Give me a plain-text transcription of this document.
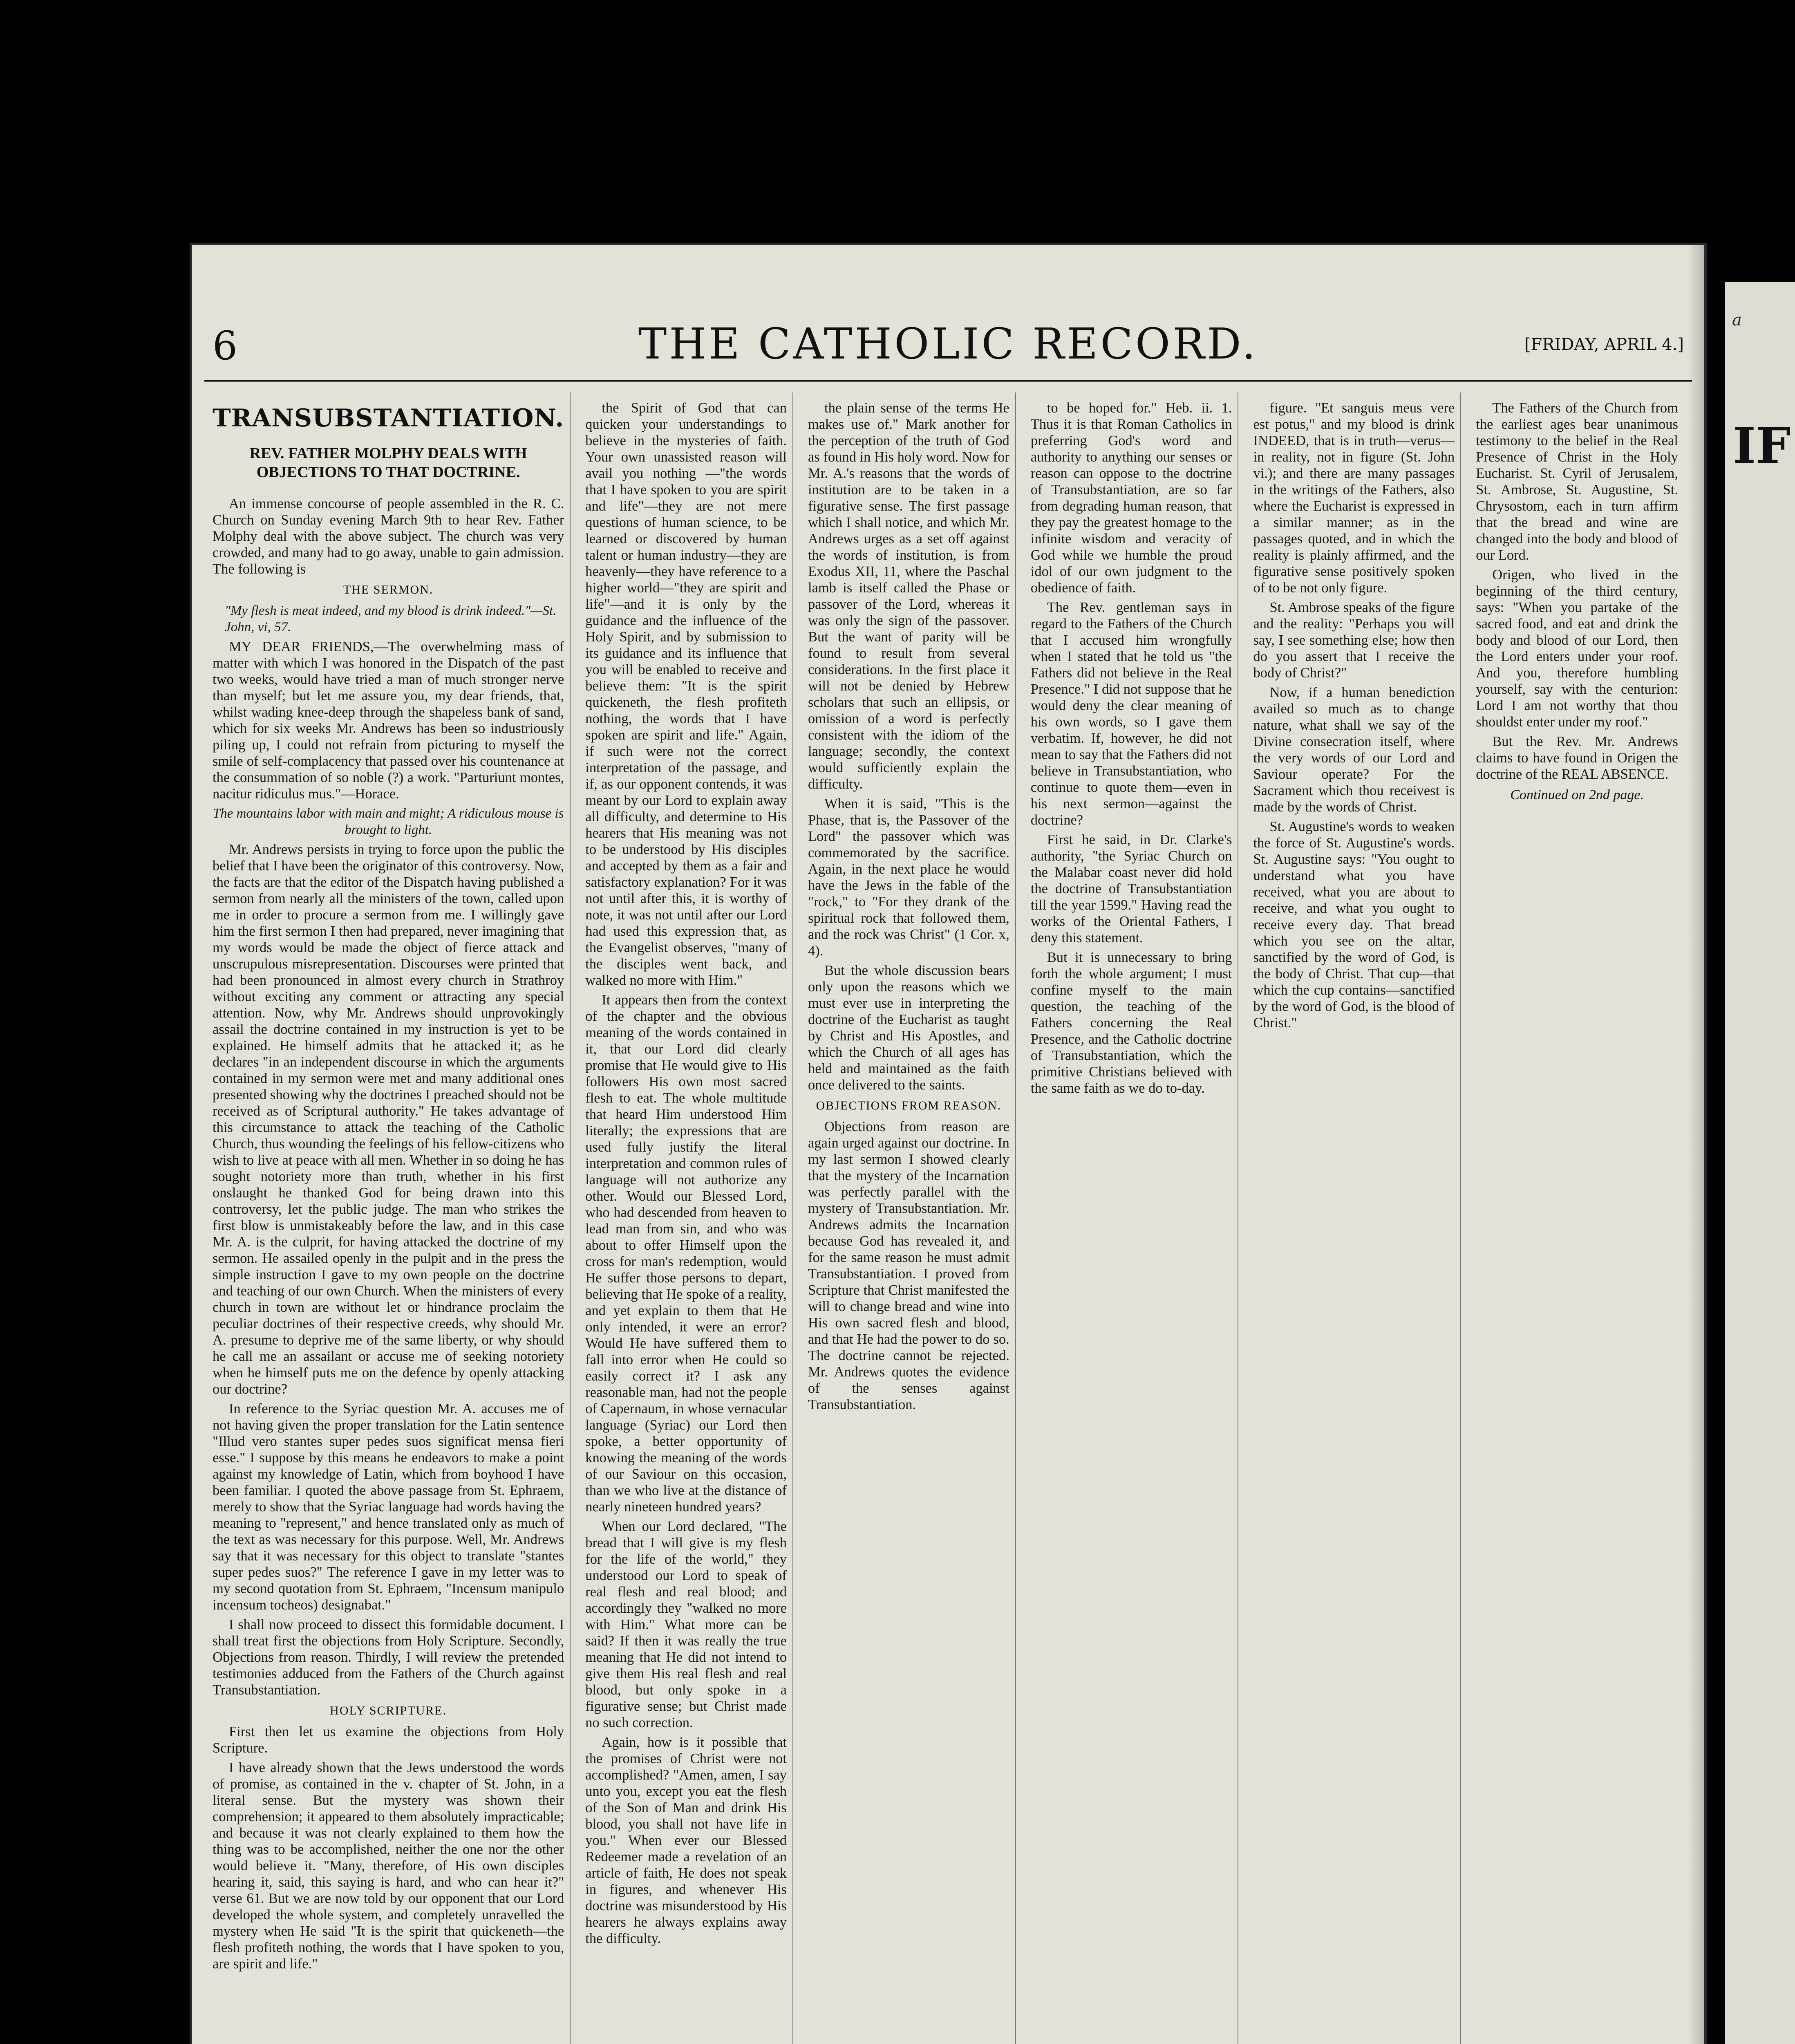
6	THE CATHOLIC RECORD.	[FRIDAY, APRIL 4.]
TRANSUBSTANTIATION.
REV. FATHER MOLPHY DEALS WITH OBJECTIONS TO THAT DOCTRINE.

An immense concourse of people assembled in the R. C. Church on Sunday evening March 9th to hear Rev. Father Molphy deal with the above subject. The church was very crowded, and many had to go away, unable to gain admission. The following is

THE SERMON.

"My flesh is meat indeed, and my blood is drink indeed."—St. John, vi, 57.

MY DEAR FRIENDS,—The overwhelming mass of matter with which I was honored in the Dispatch of the past two weeks, would have tried a man of much stronger nerve than myself; but let me assure you, my dear friends, that, whilst wading knee-deep through the shapeless bank of sand, which for six weeks Mr. Andrews has been so industriously piling up, I could not refrain from picturing to myself the smile of self-complacency that passed over his countenance at the consummation of so noble (?) a work. "Parturiunt montes, nacitur ridiculus mus."—Horace.

The mountains labor with main and might; A ridiculous mouse is brought to light.

Mr. Andrews persists in trying to force upon the public the belief that I have been the originator of this controversy. Now, the facts are that the editor of the Dispatch having published a sermon from nearly all the ministers of the town, called upon me in order to procure a sermon from me. I willingly gave him the first sermon I then had prepared, never imagining that my words would be made the object of fierce attack and unscrupulous misrepresentation. Discourses were printed that had been pronounced in almost every church in Strathroy without exciting any comment or attracting any special attention. Now, why Mr. Andrews should unprovokingly assail the doctrine contained in my instruction is yet to be explained. He himself admits that he attacked it; as he declares "in an independent discourse in which the arguments contained in my sermon were met and many additional ones presented showing why the doctrines I preached should not be received as of Scriptural authority." He takes advantage of this circumstance to attack the teaching of the Catholic Church, thus wounding the feelings of his fellow-citizens who wish to live at peace with all men. Whether in so doing he has sought notoriety more than truth, whether in his first onslaught he thanked God for being drawn into this controversy, let the public judge. The man who strikes the first blow is unmistakeably before the law, and in this case Mr. A. is the culprit, for having attacked the doctrine of my sermon. He assailed openly in the pulpit and in the press the simple instruction I gave to my own people on the doctrine and teaching of our own Church. When the ministers of every church in town are without let or hindrance proclaim the peculiar doctrines of their respective creeds, why should Mr. A. presume to deprive me of the same liberty, or why should he call me an assailant or accuse me of seeking notoriety when he himself puts me on the defence by openly attacking our doctrine?

In reference to the Syriac question Mr. A. accuses me of not having given the proper translation for the Latin sentence "Illud vero stantes super pedes suos significat mensa fieri esse." I suppose by this means he endeavors to make a point against my knowledge of Latin, which from boyhood I have been familiar. I quoted the above passage from St. Ephraem, merely to show that the Syriac language had words having the meaning to "represent," and hence translated only as much of the text as was necessary for this purpose. Well, Mr. Andrews say that it was necessary for this object to translate "stantes super pedes suos?" The reference I gave in my letter was to my second quotation from St. Ephraem, "Incensum manipulo incensum tocheos) designabat."

I shall now proceed to dissect this formidable document. I shall treat first the objections from Holy Scripture. Secondly, Objections from reason. Thirdly, I will review the pretended testimonies adduced from the Fathers of the Church against Transubstantiation.

HOLY SCRIPTURE.

First then let us examine the objections from Holy Scripture.

I have already shown that the Jews understood the words of promise, as contained in the v. chapter of St. John, in a literal sense. But the mystery was shown their comprehension; it appeared to them absolutely impracticable; and because it was not clearly explained to them how the thing was to be accomplished, neither the one nor the other would believe it. "Many, therefore, of His own disciples hearing it, said, this saying is hard, and who can hear it?" verse 61. But we are now told by our opponent that our Lord developed the whole system, and completely unravelled the mystery when He said "It is the spirit that quickeneth—the flesh profiteth nothing, the words that I have spoken to you, are spirit and life."

the Spirit of God that can quicken your understandings to believe in the mysteries of faith. Your own unassisted reason will avail you nothing —"the words that I have spoken to you are spirit and life"—they are not mere questions of human science, to be learned or discovered by human talent or human industry—they are heavenly—they have reference to a higher world—"they are spirit and life"—and it is only by the guidance and the influence of the Holy Spirit, and by submission to its guidance and its influence that you will be enabled to receive and believe them: "It is the spirit quickeneth, the flesh profiteth nothing, the words that I have spoken are spirit and life." Again, if such were not the correct interpretation of the passage, and if, as our opponent contends, it was meant by our Lord to explain away all difficulty, and determine to His hearers that His meaning was not to be understood by His disciples and accepted by them as a fair and satisfactory explanation? For it was not until after this, it is worthy of note, it was not until after our Lord had used this expression that, as the Evangelist observes, "many of the disciples went back, and walked no more with Him."

It appears then from the context of the chapter and the obvious meaning of the words contained in it, that our Lord did clearly promise that He would give to His followers His own most sacred flesh to eat. The whole multitude that heard Him understood Him literally; the expressions that are used fully justify the literal interpretation and common rules of language will not authorize any other. Would our Blessed Lord, who had descended from heaven to lead man from sin, and who was about to offer Himself upon the cross for man's redemption, would He suffer those persons to depart, believing that He spoke of a reality, and yet explain to them that He only intended, it were an error? Would He have suffered them to fall into error when He could so easily correct it? I ask any reasonable man, had not the people of Capernaum, in whose vernacular language (Syriac) our Lord then spoke, a better opportunity of knowing the meaning of the words of our Saviour on this occasion, than we who live at the distance of nearly nineteen hundred years?

When our Lord declared, "The bread that I will give is my flesh for the life of the world," they understood our Lord to speak of real flesh and real blood; and accordingly they "walked no more with Him." What more can be said? If then it was really the true meaning that He did not intend to give them His real flesh and real blood, but only spoke in a figurative sense; but Christ made no such correction.

Again, how is it possible that the promises of Christ were not accomplished? "Amen, amen, I say unto you, except you eat the flesh of the Son of Man and drink His blood, you shall not have life in you." When ever our Blessed Redeemer made a revelation of an article of faith, He does not speak in figures, and whenever His doctrine was misunderstood by His hearers he always explains away the difficulty.

the plain sense of the terms He makes use of." Mark another for the perception of the truth of God as found in His holy word. Now for Mr. A.'s reasons that the words of institution are to be taken in a figurative sense. The first passage which I shall notice, and which Mr. Andrews urges as a set off against the words of institution, is from Exodus XII, 11, where the Paschal lamb is itself called the Phase or passover of the Lord, whereas it was only the sign of the passover. But the want of parity will be found to result from several considerations. In the first place it will not be denied by Hebrew scholars that such an ellipsis, or omission of a word is perfectly consistent with the idiom of the language; secondly, the context would sufficiently explain the difficulty.

When it is said, "This is the Phase, that is, the Passover of the Lord" the passover which was commemorated by the sacrifice. Again, in the next place he would have the Jews in the fable of the "rock," to "For they drank of the spiritual rock that followed them, and the rock was Christ" (1 Cor. x, 4).

But the whole discussion bears only upon the reasons which we must ever use in interpreting the doctrine of the Eucharist as taught by Christ and His Apostles, and which the Church of all ages has held and maintained as the faith once delivered to the saints.

OBJECTIONS FROM REASON.

Objections from reason are again urged against our doctrine. In my last sermon I showed clearly that the mystery of the Incarnation was perfectly parallel with the mystery of Transubstantiation. Mr. Andrews admits the Incarnation because God has revealed it, and for the same reason he must admit Transubstantiation. I proved from Scripture that Christ manifested the will to change bread and wine into His own sacred flesh and blood, and that He had the power to do so. The doctrine cannot be rejected. Mr. Andrews quotes the evidence of the senses against Transubstantiation.

to be hoped for." Heb. ii. 1. Thus it is that Roman Catholics in preferring God's word and authority to anything our senses or reason can oppose to the doctrine of Transubstantiation, are so far from degrading human reason, that they pay the greatest homage to the infinite wisdom and veracity of God while we humble the proud idol of our own judgment to the obedience of faith.

The Rev. gentleman says in regard to the Fathers of the Church that I accused him wrongfully when I stated that he told us "the Fathers did not believe in the Real Presence." I did not suppose that he would deny the clear meaning of his own words, so I gave them verbatim. If, however, he did not mean to say that the Fathers did not believe in Transubstantiation, who continue to quote them—even in his next sermon—against the doctrine?

First he said, in Dr. Clarke's authority, "the Syriac Church on the Malabar coast never did hold the doctrine of Transubstantiation till the year 1599." Having read the works of the Oriental Fathers, I deny this statement.

But it is unnecessary to bring forth the whole argument; I must confine myself to the main question, the teaching of the Fathers concerning the Real Presence, and the Catholic doctrine of Transubstantiation, which the primitive Christians believed with the same faith as we do to-day.

figure. "Et sanguis meus vere est potus," and my blood is drink INDEED, that is in truth—verus—in reality, not in figure (St. John vi.); and there are many passages in the writings of the Fathers, also where the Eucharist is expressed in a similar manner; as in the passages quoted, and in which the reality is plainly affirmed, and the figurative sense positively spoken of to be not only figure.

St. Ambrose speaks of the figure and the reality: "Perhaps you will say, I see something else; how then do you assert that I receive the body of Christ?"

Now, if a human benediction availed so much as to change nature, what shall we say of the Divine consecration itself, where the very words of our Lord and Saviour operate? For the Sacrament which thou receivest is made by the words of Christ.

St. Augustine's words to weaken the force of St. Augustine's words. St. Augustine says: "You ought to understand what you have received, what you are about to receive, and what you ought to receive every day. That bread which you see on the altar, sanctified by the word of God, is the body of Christ. That cup—that which the cup contains—sanctified by the word of God, is the blood of Christ."

The Fathers of the Church from the earliest ages bear unanimous testimony to the belief in the Real Presence of Christ in the Holy Eucharist. St. Cyril of Jerusalem, St. Ambrose, St. Augustine, St. Chrysostom, each in turn affirm that the bread and wine are changed into the body and blood of our Lord.

Origen, who lived in the beginning of the third century, says: "When you partake of the sacred food, and eat and drink the body and blood of our Lord, then the Lord enters under your roof. And you, therefore humbling yourself, say with the centurion: Lord I am not worthy that thou shouldst enter under my roof."

But the Rev. Mr. Andrews claims to have found in Origen the doctrine of the REAL ABSENCE.

Continued on 2nd page.
a
IF
